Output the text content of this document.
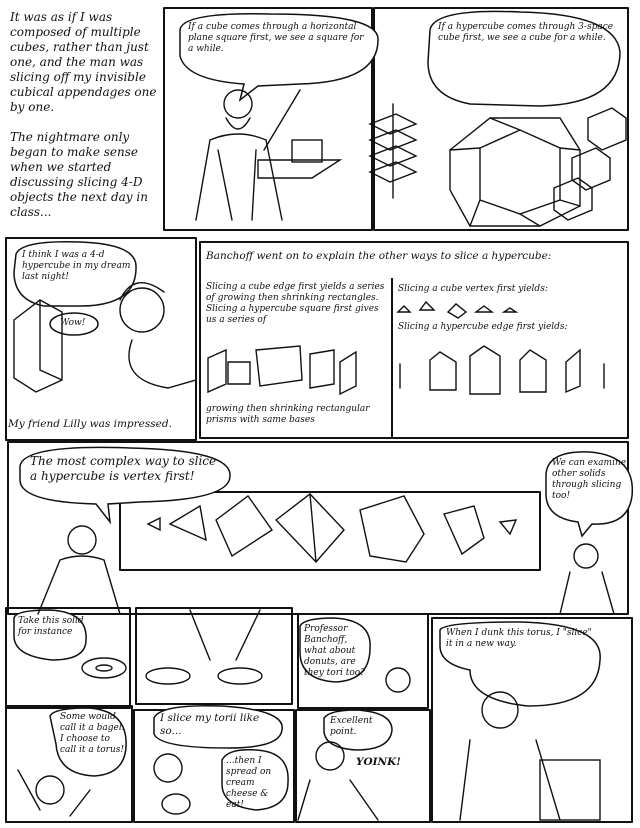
It was as if I was composed of multiple cubes, rather than just one, and the man was slicing off my invisible cubical appendages one by one.
The nightmare only began to make sense when we started discussing slicing 4-D objects the next day in class...
If a cube comes through a horizontal plane square first, we see a square for a while.
If a hypercube comes through 3-space cube first, we see a cube for a while.
I think I was a 4-d hypercube in my dream last night!
Wow!
My friend Lilly was impressed.
Banchoff went on to explain the other ways to slice a hypercube:
Slicing a cube edge first yields a series of growing then shrinking rectangles. Slicing a hypercube square first gives us a series of
growing then shrinking rectangular prisms with same bases
Slicing a cube vertex first yields:
Slicing a hypercube edge first yields:
The most complex way to slice a hypercube is vertex first!
We can examine other solids through slicing too!
Take this solid for instance	Professor Banchoff, what about donuts, are they tori too?
When I dunk this torus, I "slice" it in a new way.
Some would call it a bagel. I choose to call it a torus!
I slice my torii like so...
...then I spread on cream cheese & eat!
Excellent point.
YOINK!
